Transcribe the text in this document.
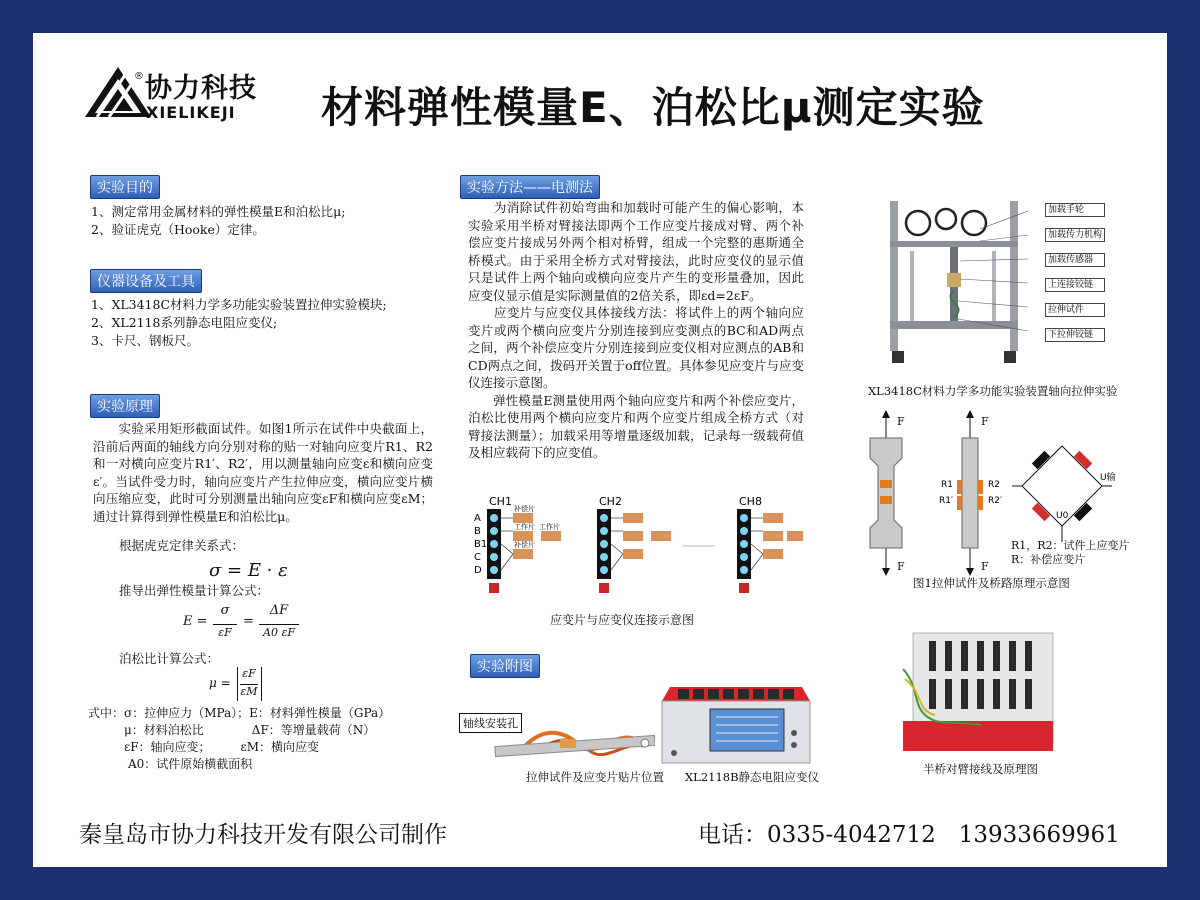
® 协力科技
XIELIKEJI 材料弹性模量E、泊松比μ测定实验
实验目的
1、测定常用金属材料的弹性模量E和泊松比μ;
2、验证虎克（Hooke）定律。
仪器设备及工具
1、XL3418C材料力学多功能实验装置拉伸实验模块;
2、XL2118系列静态电阻应变仪;
3、卡尺、钢板尺。
实验原理
　　实验采用矩形截面试件。如图1所示在试件中央截面上，沿前后两面的轴线方向分别对称的贴一对轴向应变片R1、R2和一对横向应变片R1′、R2′，用以测量轴向应变ε和横向应变ε′。当试件受力时，轴向应变片产生拉伸应变，横向应变片横向压缩应变，此时可分别测量出轴向应变εF和横向应变εM；通过计算得到弹性模量E和泊松比μ。
根据虎克定律关系式：
σ = E · ε
推导出弹性模量计算公式：
E =
σ
εF
=
ΔF
A0 εF
泊松比计算公式：
μ =
εF
εM
式中：σ：拉伸应力（MPa）；E：材料弹性模量（GPa）
μ：材料泊松比　　　　ΔF：等增量载荷（N）
εF：轴向应变；　　　εM：横向应变
A0：试件原始横截面积
实验方法——电测法
　　为消除试件初始弯曲和加载时可能产生的偏心影响，本实验采用半桥对臂接法即两个工作应变片接成对臂、两个补偿应变片接成另外两个相对桥臂，组成一个完整的惠斯通全桥模式。由于采用全桥方式对臂接法，此时应变仪的显示值只是试件上两个轴向或横向应变片产生的变形量叠加，因此应变仪显示值是实际测量值的2倍关系，即εd=2εF。
　　应变片与应变仪具体接线方法：将试件上的两个轴向应变片或两个横向应变片分别连接到应变测点的BC和AD两点之间，两个补偿应变片分别连接到应变仪相对应测点的AB和CD两点之间，拨码开关置于off位置。具体参见应变片与应变仪连接示意图。
　　弹性模量E测量使用两个轴向应变片和两个补偿应变片，泊松比使用两个横向应变片和两个应变片组成全桥方式（对臂接法测量）；加载采用等增量逐级加载，记录每一级载荷值及相应载荷下的应变值。
CH1	CH2	CH8
A
B
B1
C
D
补偿片
工作片
补偿片
工作片
应变片与应变仪连接示意图
实验附图
轴线安装孔
拉伸试件及应变片贴片位置 XL2118B静态电阻应变仪
加载手轮
加载传力机构
加载传感器
上连接铰链
拉伸试件
下拉伸铰链
XL3418C材料力学多功能实验装置轴向拉伸实验
F	F
F	F
R1
R1′
R2
R2′
U输
U0
R1，R2：试件上应变片
R：补偿应变片
图1拉伸试件及桥路原理示意图
半桥对臂接线及原理图
秦皇岛市协力科技开发有限公司制作	电话：0335-4042712　13933669961
